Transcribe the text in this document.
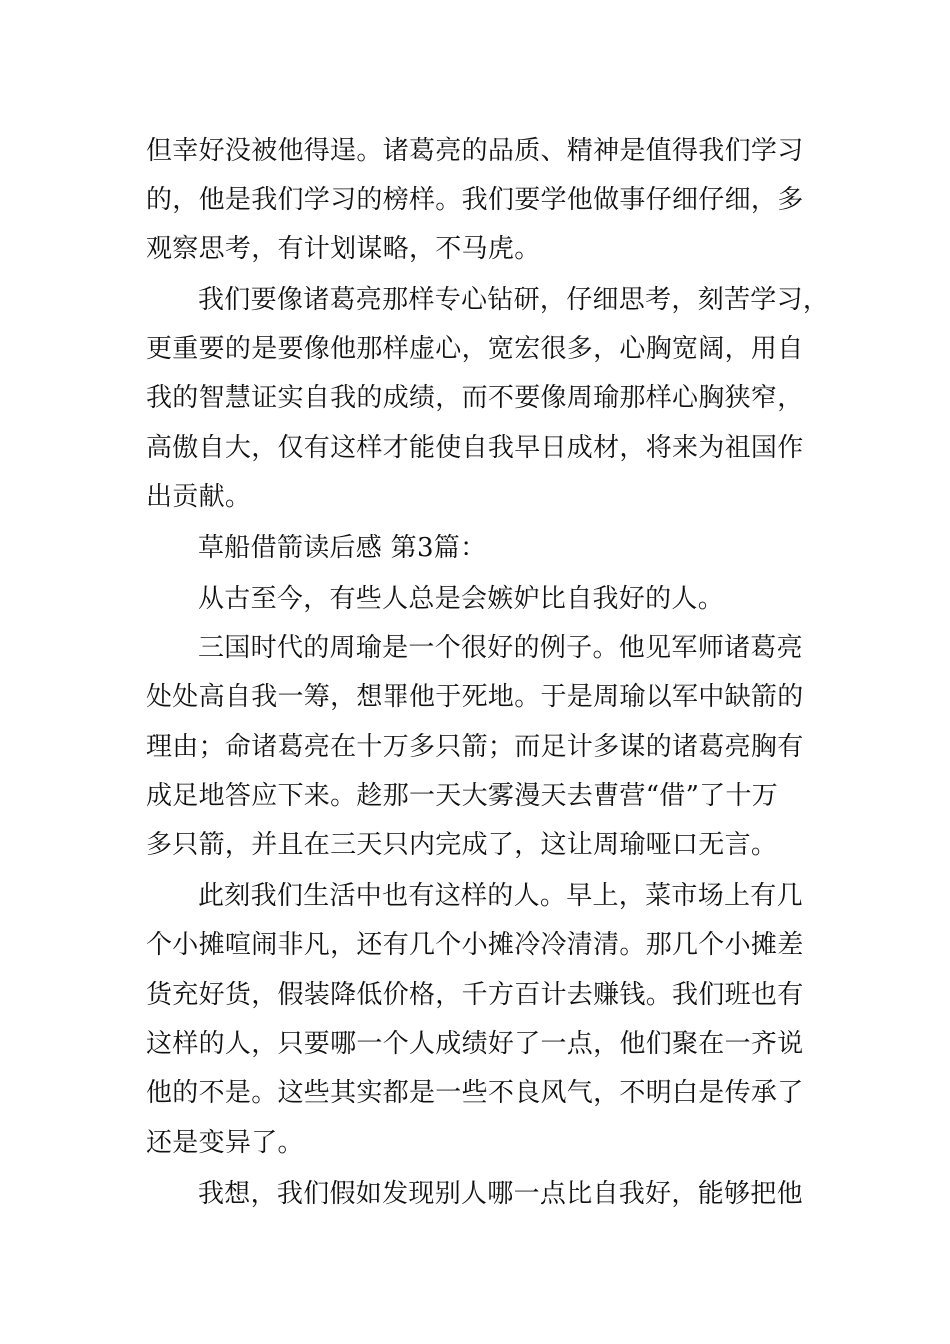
但幸好没被他得逞。诸葛亮的品质、精神是值得我们学习
的，他是我们学习的榜样。我们要学他做事仔细仔细，多
观察思考，有计划谋略，不马虎。
我们要像诸葛亮那样专心钻研，仔细思考，刻苦学习，
更重要的是要像他那样虚心，宽宏很多，心胸宽阔，用自
我的智慧证实自我的成绩，而不要像周瑜那样心胸狭窄，
高傲自大，仅有这样才能使自我早日成材，将来为祖国作
出贡献。
草船借箭读后感 第3篇：
从古至今，有些人总是会嫉妒比自我好的人。
三国时代的周瑜是一个很好的例子。他见军师诸葛亮
处处高自我一筹，想罪他于死地。于是周瑜以军中缺箭的
理由；命诸葛亮在十万多只箭；而足计多谋的诸葛亮胸有
成足地答应下来。趁那一天大雾漫天去曹营“借”了十万
多只箭，并且在三天只内完成了，这让周瑜哑口无言。
此刻我们生活中也有这样的人。早上，菜市场上有几
个小摊喧闹非凡，还有几个小摊冷冷清清。那几个小摊差
货充好货，假装降低价格，千方百计去赚钱。我们班也有
这样的人，只要哪一个人成绩好了一点，他们聚在一齐说
他的不是。这些其实都是一些不良风气，不明白是传承了
还是变异了。
我想，我们假如发现别人哪一点比自我好，能够把他
